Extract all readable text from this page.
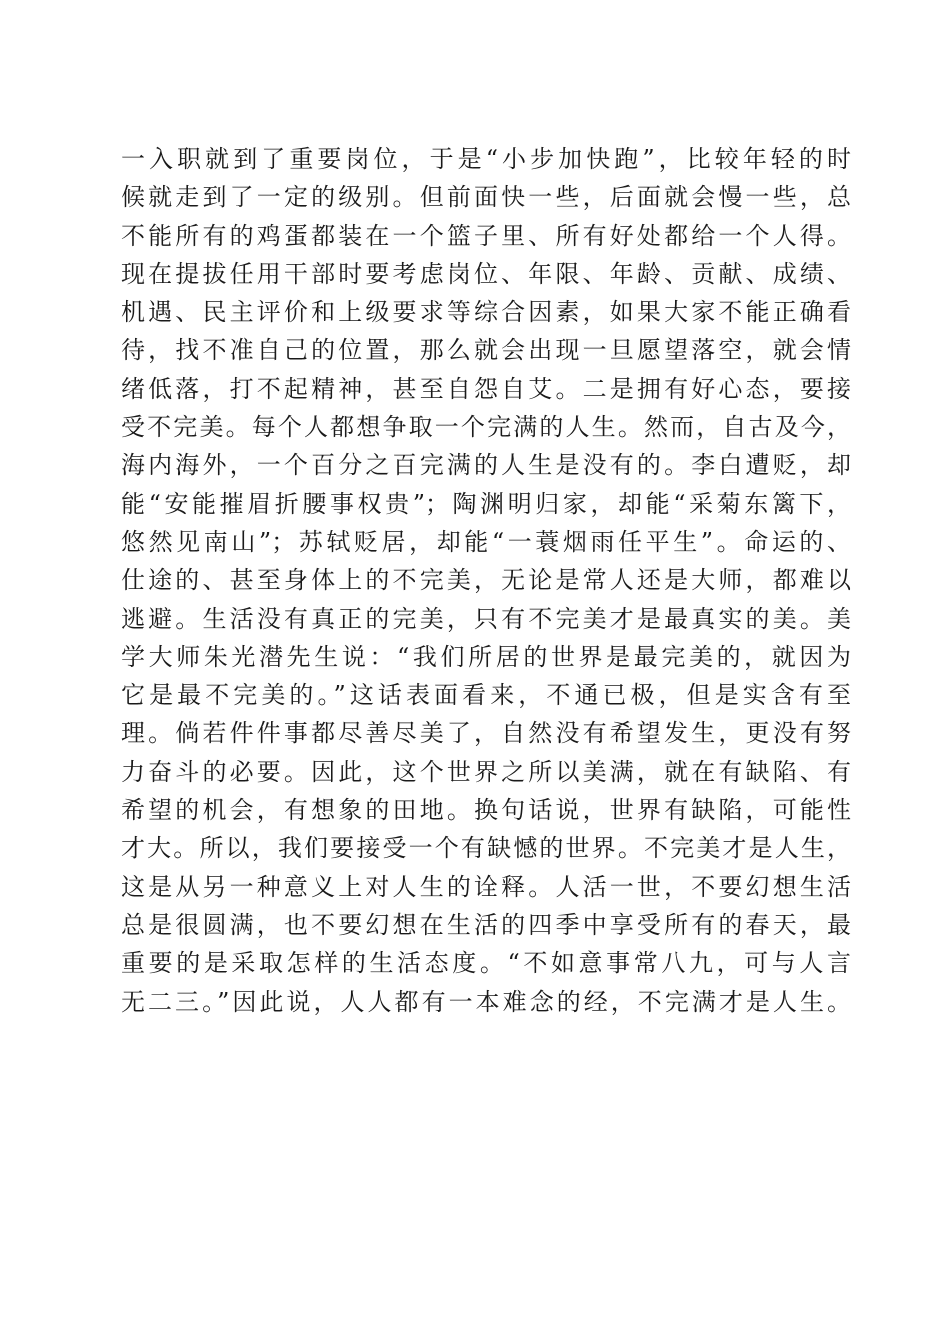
一入职就到了重要岗位，于是“小步加快跑”，比较年轻的时
候就走到了一定的级别。但前面快一些，后面就会慢一些，总
不能所有的鸡蛋都装在一个篮子里、所有好处都给一个人得。
现在提拔任用干部时要考虑岗位、年限、年龄、贡献、成绩、
机遇、民主评价和上级要求等综合因素，如果大家不能正确看
待，找不准自己的位置，那么就会出现一旦愿望落空，就会情
绪低落，打不起精神，甚至自怨自艾。二是拥有好心态，要接
受不完美。每个人都想争取一个完满的人生。然而，自古及今，
海内海外，一个百分之百完满的人生是没有的。李白遭贬，却
能“安能摧眉折腰事权贵”；陶渊明归家，却能“采菊东篱下，
悠然见南山”；苏轼贬居，却能“一蓑烟雨任平生”。命运的、
仕途的、甚至身体上的不完美，无论是常人还是大师，都难以
逃避。生活没有真正的完美，只有不完美才是最真实的美。美
学大师朱光潜先生说：“我们所居的世界是最完美的，就因为
它是最不完美的。”这话表面看来，不通已极，但是实含有至
理。倘若件件事都尽善尽美了，自然没有希望发生，更没有努
力奋斗的必要。因此，这个世界之所以美满，就在有缺陷、有
希望的机会，有想象的田地。换句话说，世界有缺陷，可能性
才大。所以，我们要接受一个有缺憾的世界。不完美才是人生，
这是从另一种意义上对人生的诠释。人活一世，不要幻想生活
总是很圆满，也不要幻想在生活的四季中享受所有的春天，最
重要的是采取怎样的生活态度。“不如意事常八九，可与人言
无二三。”因此说，人人都有一本难念的经，不完满才是人生。
